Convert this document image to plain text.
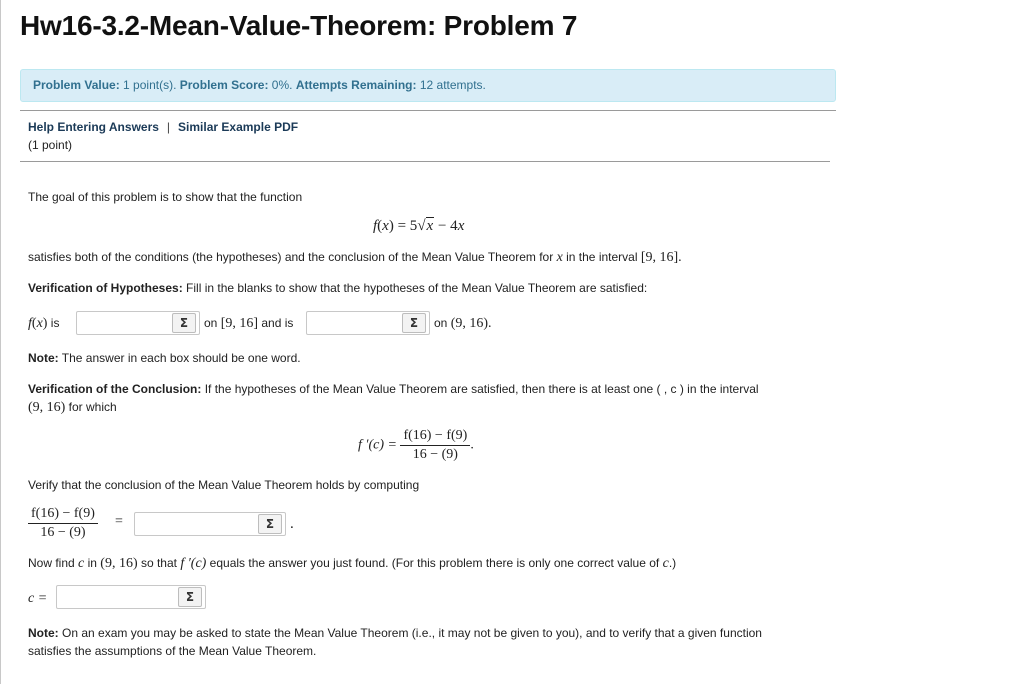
Hw16-3.2-Mean-Value-Theorem: Problem 7
Problem Value: 1 point(s). Problem Score: 0%. Attempts Remaining: 12 attempts.
Help Entering Answers | Similar Example PDF
(1 point)
The goal of this problem is to show that the function
f(x) = 5√x − 4x
satisfies both of the conditions (the hypotheses) and the conclusion of the Mean Value Theorem for x in the interval [9, 16].
Verification of Hypotheses: Fill in the blanks to show that the hypotheses of the Mean Value Theorem are satisfied:
f(x) is	Σ	on [9, 16] and is	Σ	on (9, 16).
Note: The answer in each box should be one word.
Verification of the Conclusion: If the hypotheses of the Mean Value Theorem are satisfied, then there is at least one ( , c ) in the interval
(9, 16) for which
f $'(c) = \frac{f(16) - f(9)}{16 - (9)}$ .
Verify that the conclusion of the Mean Value Theorem holds by computing
$\frac{f(16) - f(9)}{16 - (9)}$ =	Σ	.
Now find c in (9, 16) so that f ′(c) equals the answer you just found. (For this problem there is only one correct value of c.)
c =	Σ
Note: On an exam you may be asked to state the Mean Value Theorem (i.e., it may not be given to you), and to verify that a given function
satisfies the assumptions of the Mean Value Theorem.
